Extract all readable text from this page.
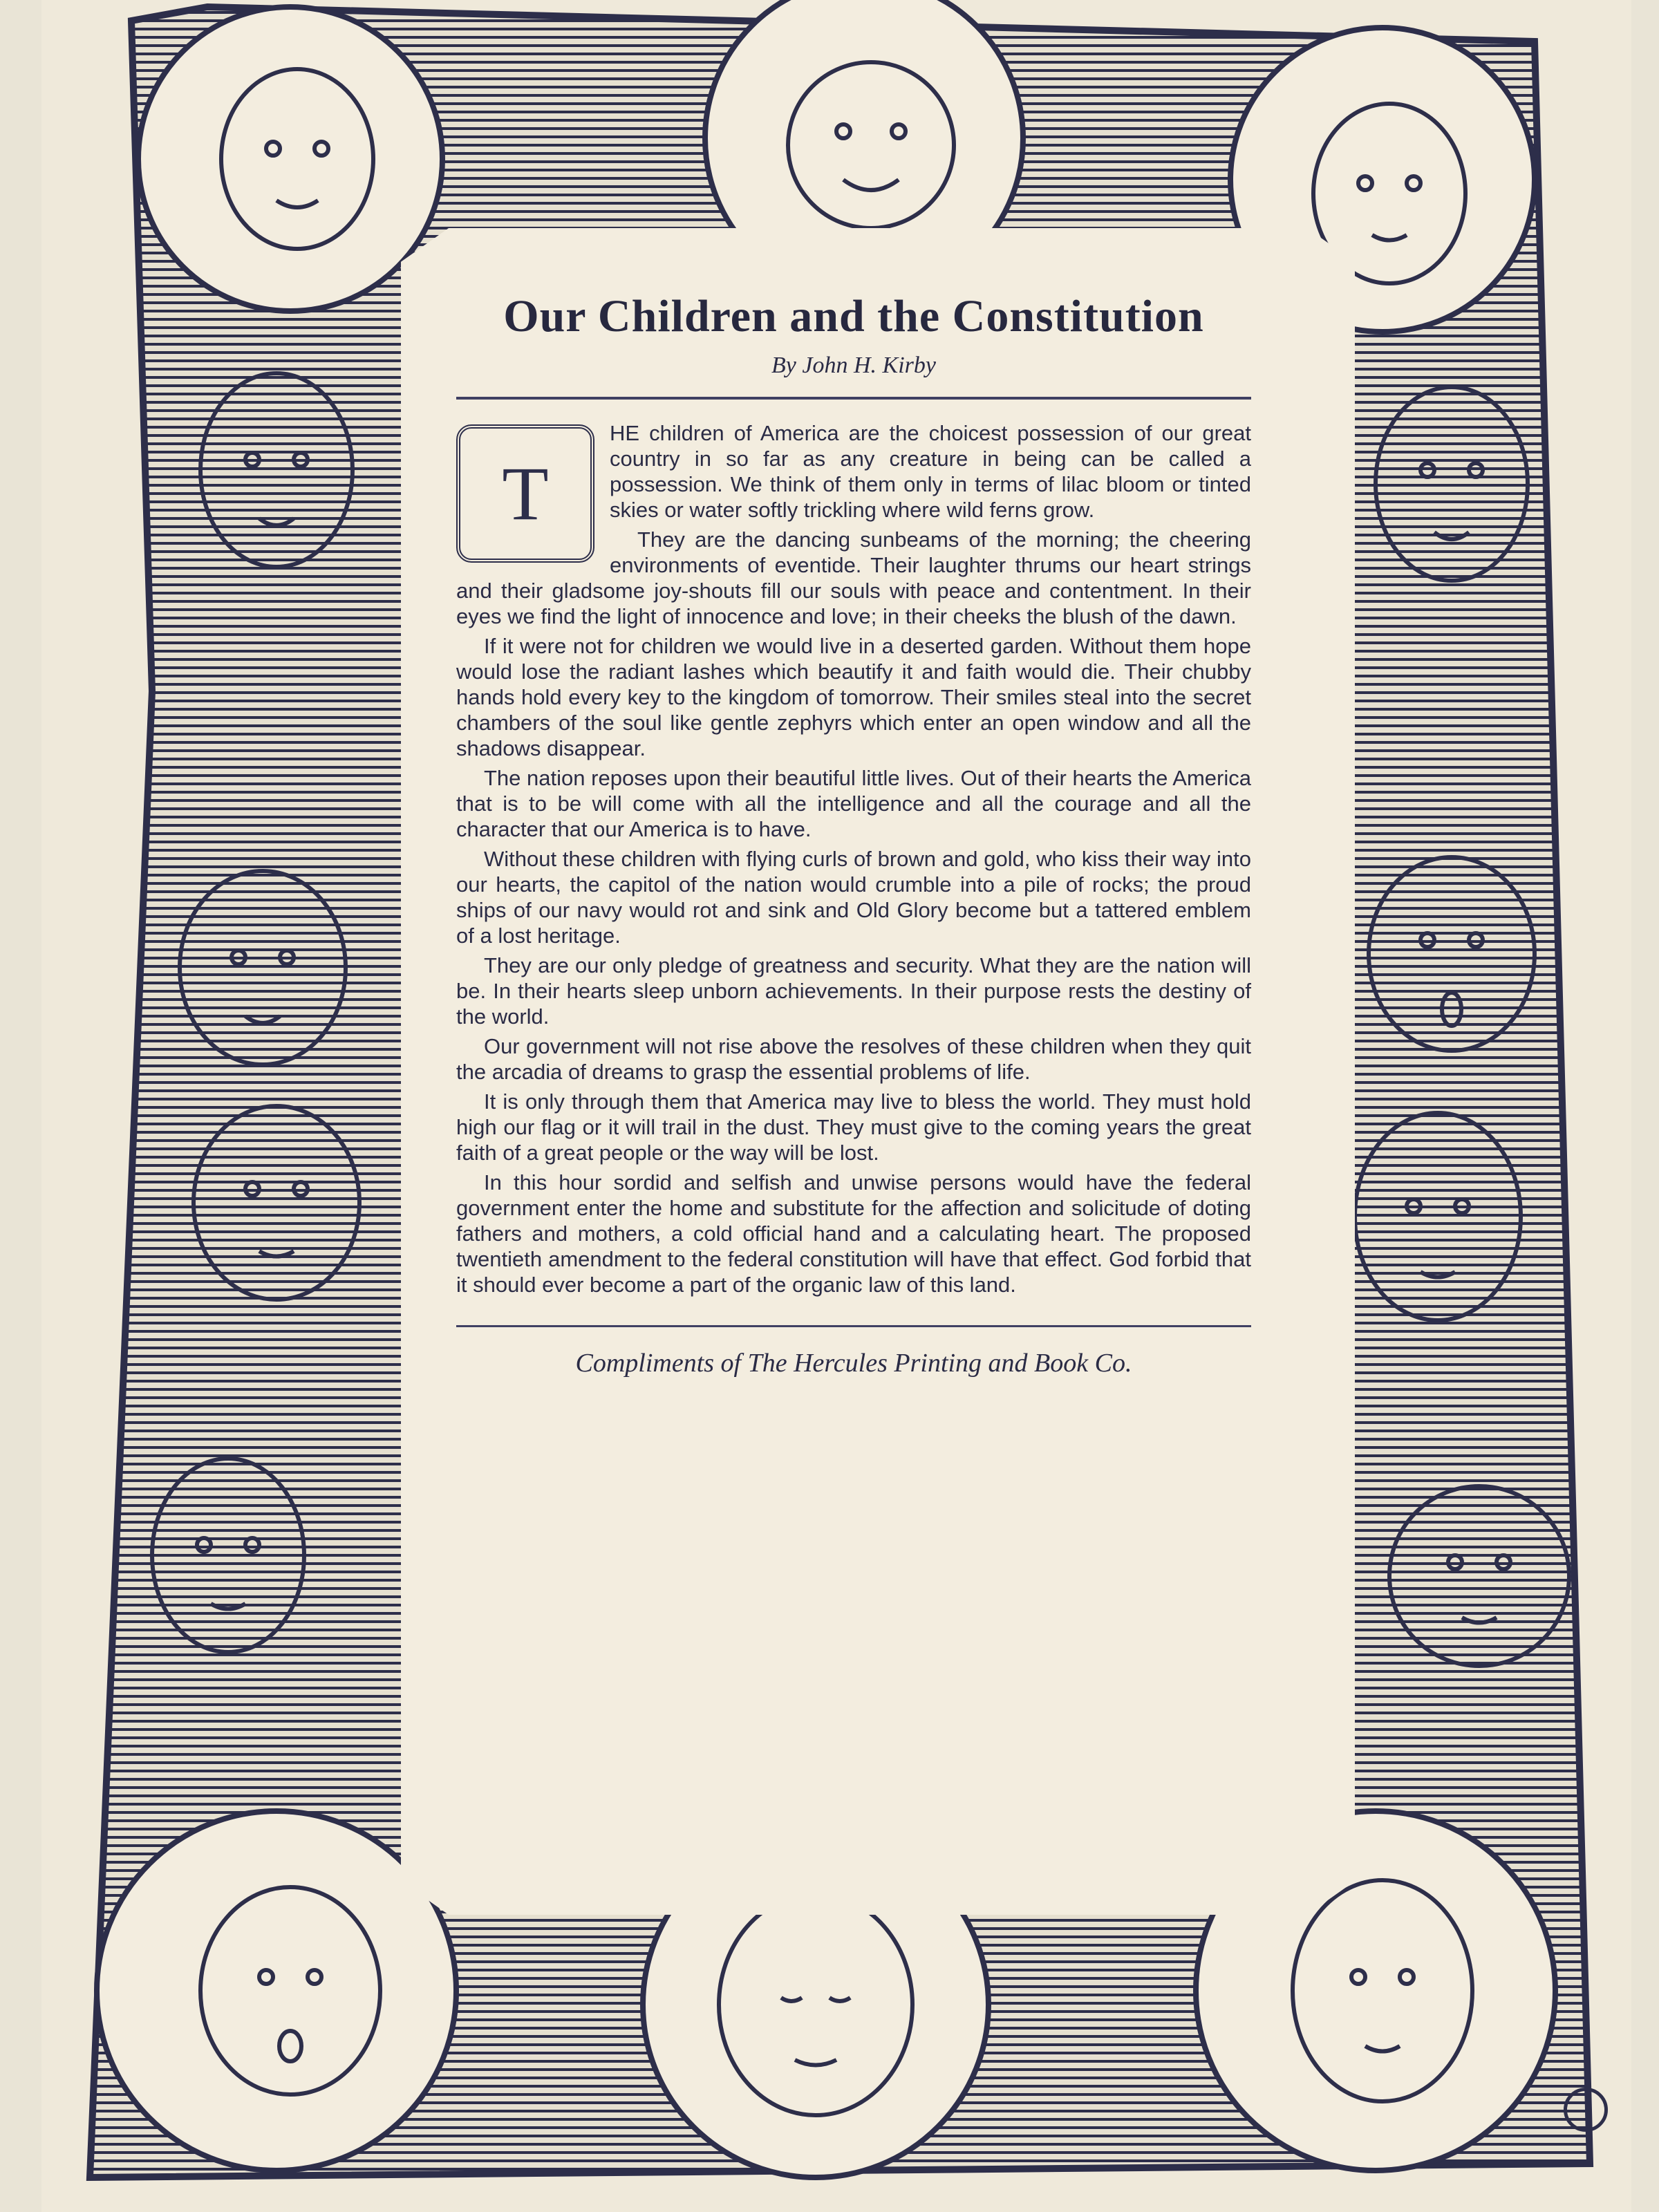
Our Children and the Constitution
By John H. Kirby

T
HE children of America are the choicest possession of our great country in so far as any creature in being can be called a possession. We think of them only in terms of lilac bloom or tinted skies or water softly trickling where wild ferns grow.

They are the dancing sunbeams of the morning; the cheering environments of eventide. Their laughter thrums our heart strings and their gladsome joy-shouts fill our souls with peace and contentment. In their eyes we find the light of innocence and love; in their cheeks the blush of the dawn.

If it were not for children we would live in a deserted garden. Without them hope would lose the radiant lashes which beautify it and faith would die. Their chubby hands hold every key to the kingdom of tomorrow. Their smiles steal into the secret chambers of the soul like gentle zephyrs which enter an open window and all the shadows disappear.

The nation reposes upon their beautiful little lives. Out of their hearts the America that is to be will come with all the intelligence and all the courage and all the character that our America is to have.

Without these children with flying curls of brown and gold, who kiss their way into our hearts, the capitol of the nation would crumble into a pile of rocks; the proud ships of our navy would rot and sink and Old Glory become but a tattered emblem of a lost heritage.

They are our only pledge of greatness and security. What they are the nation will be. In their hearts sleep unborn achievements. In their purpose rests the destiny of the world.

Our government will not rise above the resolves of these children when they quit the arcadia of dreams to grasp the essential problems of life.

It is only through them that America may live to bless the world. They must hold high our flag or it will trail in the dust. They must give to the coming years the great faith of a great people or the way will be lost.

In this hour sordid and selfish and unwise persons would have the federal government enter the home and substitute for the affection and solicitude of doting fathers and mothers, a cold official hand and a calculating heart. The proposed twentieth amendment to the federal constitution will have that effect. God forbid that it should ever become a part of the organic law of this land.

Compliments of The Hercules Printing and Book Co.
